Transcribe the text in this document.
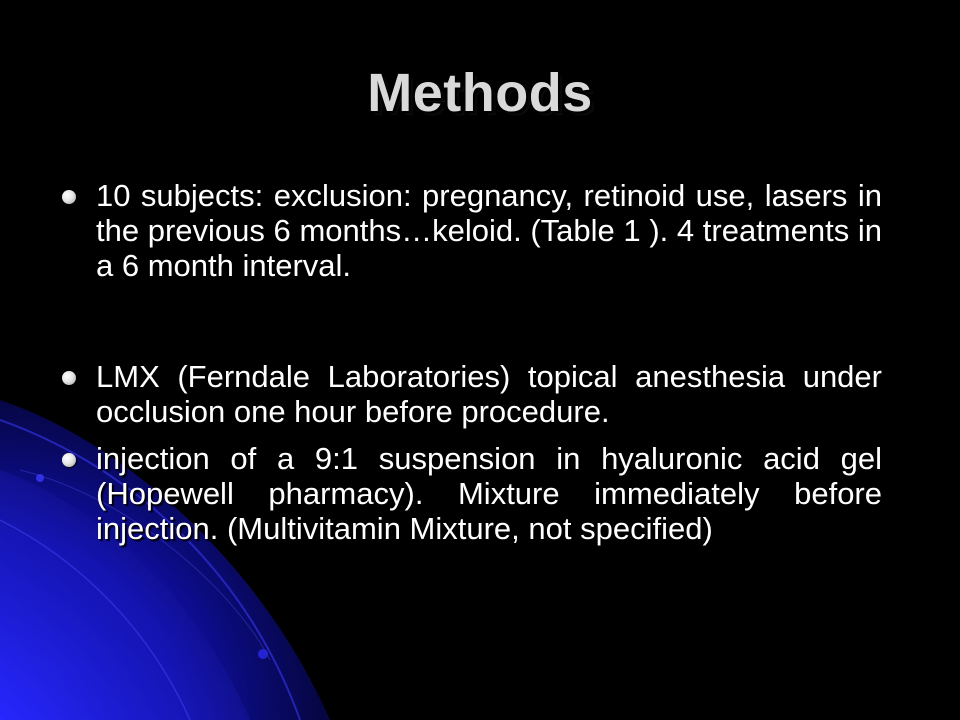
Methods
10 subjects: exclusion: pregnancy, retinoid use, lasers in the previous 6 months…keloid. (Table 1 ). 4 treatments in a 6 month interval.
LMX (Ferndale Laboratories) topical anesthesia under occlusion one hour before procedure.
injection of a 9:1 suspension in hyaluronic acid gel (Hopewell pharmacy). Mixture immediately before injection. (Multivitamin Mixture, not specified)
